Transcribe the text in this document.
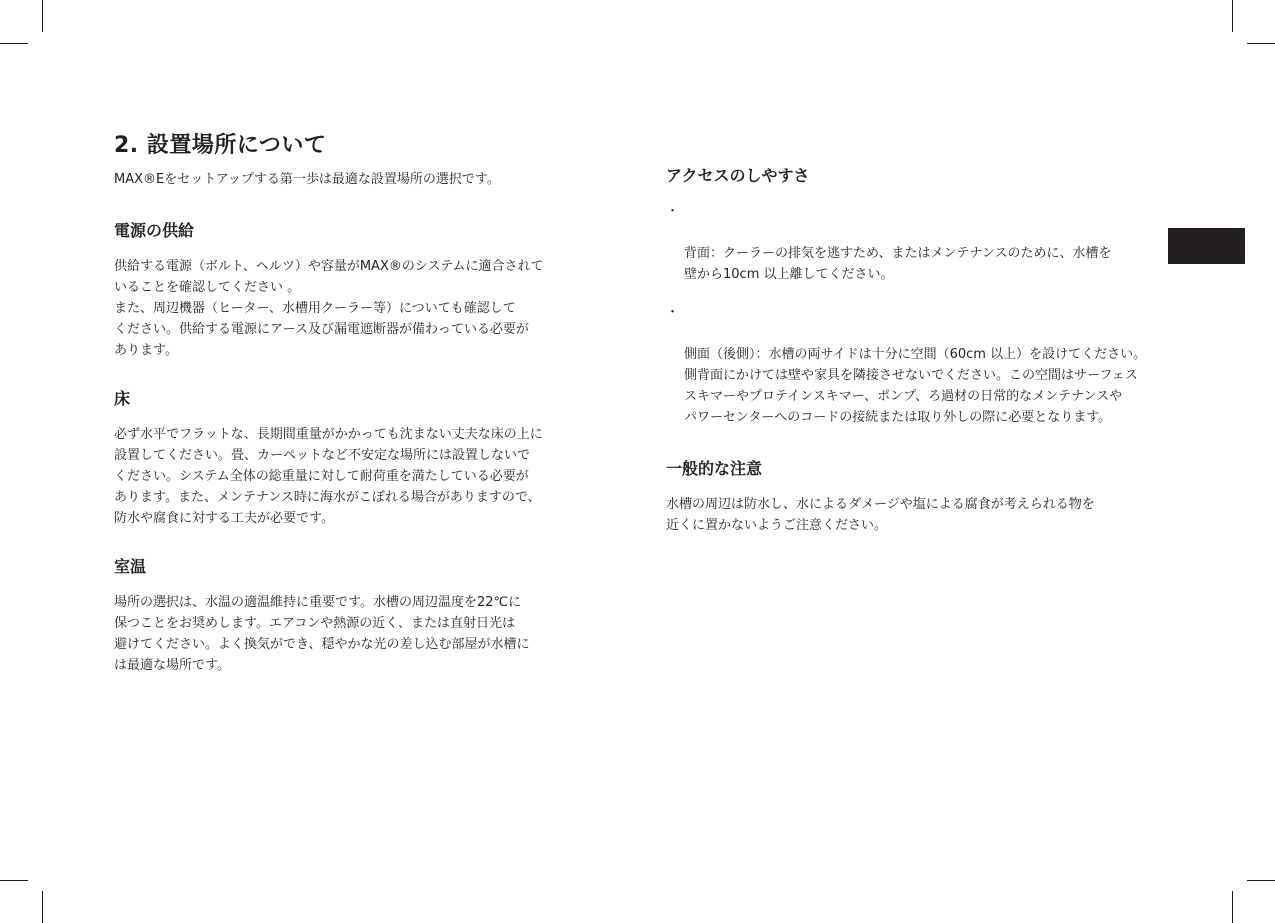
2. 設置場所について

MAX®Eをセットアップする第一歩は最適な設置場所の選択です。

電源の供給

供給する電源（ボルト、ヘルツ）や容量がMAX®のシステムに適合されて
いることを確認してください 。
また、周辺機器（ヒーター、水槽用クーラー等）についても確認して
ください。供給する電源にアース及び漏電遮断器が備わっている必要が
あります。

床

必ず水平でフラットな、長期間重量がかかっても沈まない丈夫な床の上に
設置してください。畳、カーペットなど不安定な場所には設置しないで
ください。システム全体の総重量に対して耐荷重を満たしている必要が
あります。また、メンテナンス時に海水がこぼれる場合がありますので、
防水や腐食に対する工夫が必要です。

室温

場所の選択は、水温の適温維持に重要です。水槽の周辺温度を22℃に
保つことをお奨めします。エアコンや熱源の近く、または直射日光は
避けてください。よく換気ができ、穏やかな光の差し込む部屋が水槽に
は最適な場所です。

アクセスのしやすさ

・

背面：クーラーの排気を逃すため、またはメンテナンスのために、水槽を
壁から10cm 以上離してください。

・

側面（後側）：水槽の両サイドは十分に空間（60cm 以上）を設けてください。
側背面にかけては壁や家具を隣接させないでください。この空間はサーフェス
スキマーやプロテインスキマー、ポンプ、ろ過材の日常的なメンテナンスや
パワーセンターへのコードの接続または取り外しの際に必要となります。

一般的な注意

水槽の周辺は防水し、水によるダメージや塩による腐食が考えられる物を
近くに置かないようご注意ください。
